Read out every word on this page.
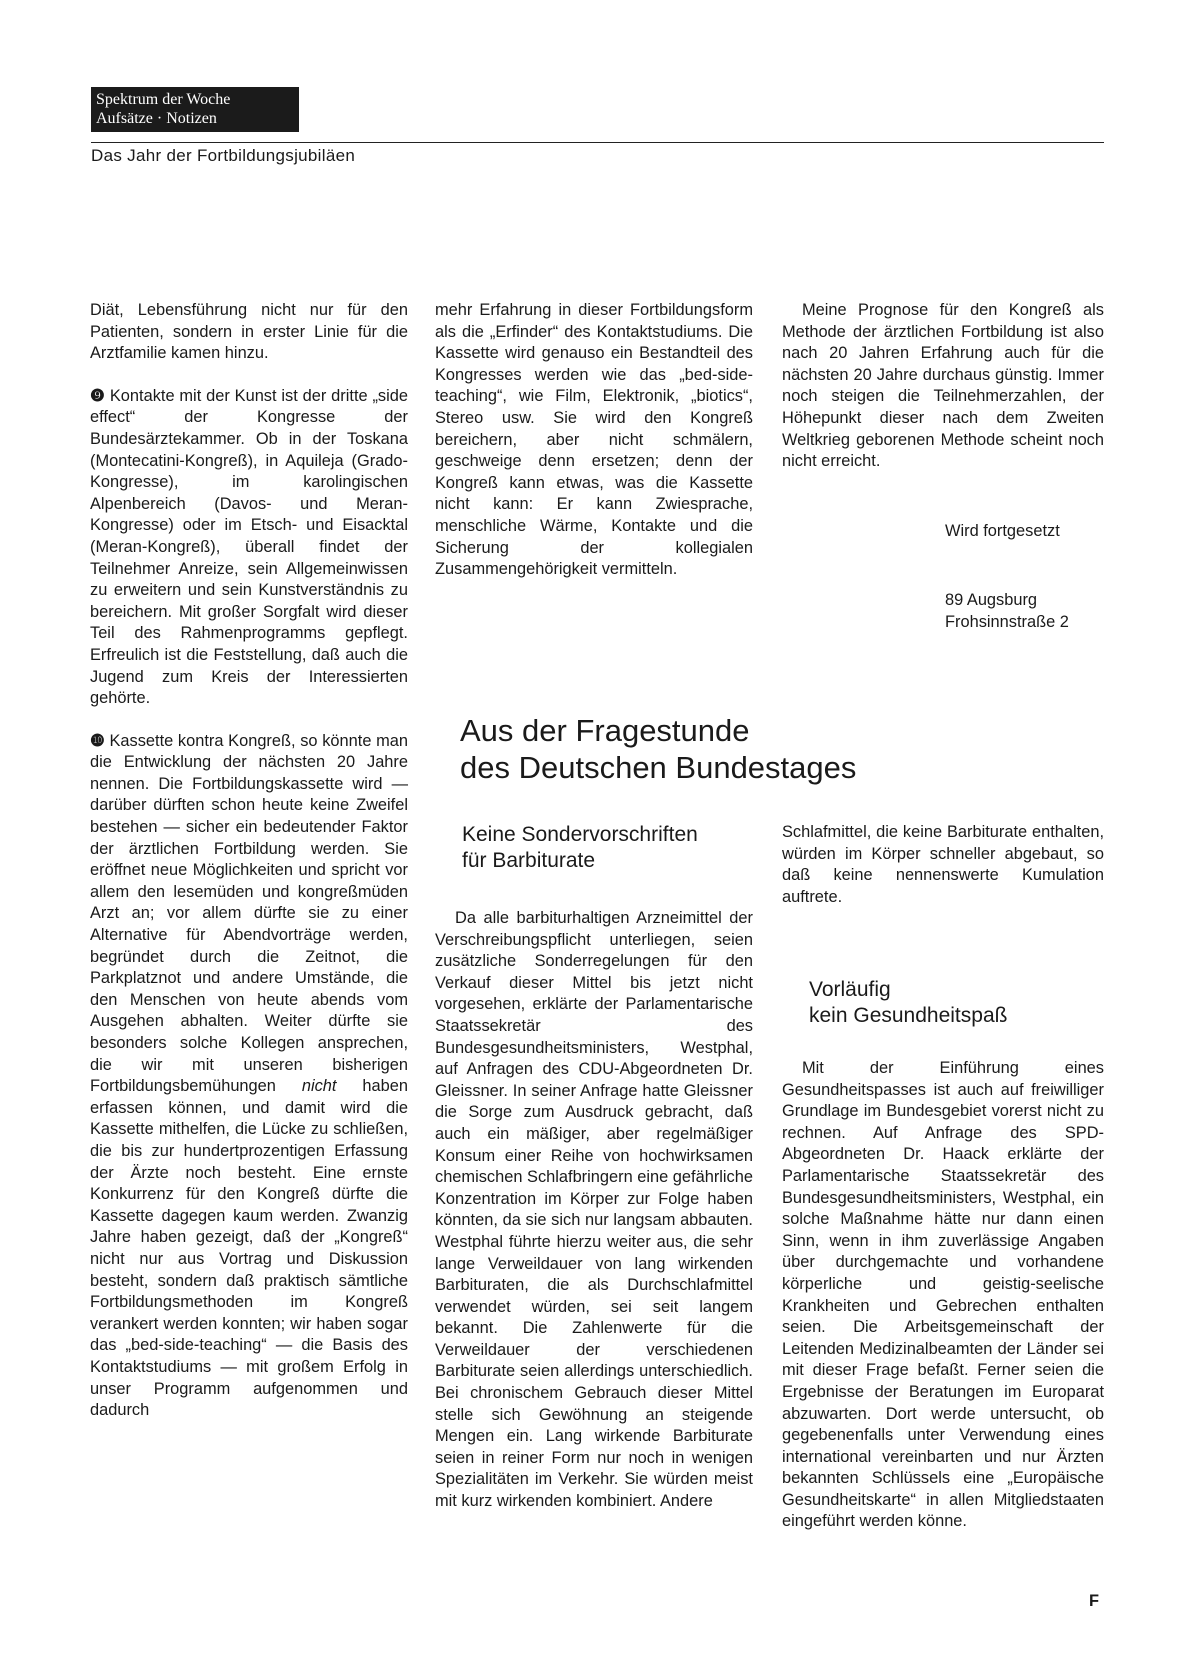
Spektrum der Woche
Aufsätze · Notizen
Das Jahr der Fortbildungsjubiläen

Diät, Lebensführung nicht nur für den Patienten, sondern in erster Linie für die Arztfamilie kamen hinzu.

❾ Kontakte mit der Kunst ist der dritte „side effect“ der Kongresse der Bundesärztekammer. Ob in der Toskana (Montecatini-Kongreß), in Aquileja (Grado-Kongresse), im karolingischen Alpenbereich (Davos- und Meran-Kongresse) oder im Etsch- und Eisacktal (Meran-Kongreß), überall findet der Teilnehmer Anreize, sein Allgemeinwissen zu erweitern und sein Kunstverständnis zu bereichern. Mit großer Sorgfalt wird dieser Teil des Rahmenprogramms gepflegt. Erfreulich ist die Feststellung, daß auch die Jugend zum Kreis der Interessierten gehörte.

❿ Kassette kontra Kongreß, so könnte man die Entwicklung der nächsten 20 Jahre nennen. Die Fortbildungskassette wird — darüber dürften schon heute keine Zweifel bestehen — sicher ein bedeutender Faktor der ärztlichen Fortbildung werden. Sie eröffnet neue Möglichkeiten und spricht vor allem den lesemüden und kongreßmüden Arzt an; vor allem dürfte sie zu einer Alternative für Abendvorträge werden, begründet durch die Zeitnot, die Parkplatznot und andere Umstände, die den Menschen von heute abends vom Ausgehen abhalten. Weiter dürfte sie besonders solche Kollegen ansprechen, die wir mit unseren bisherigen Fortbildungsbemühungen nicht haben erfassen können, und damit wird die Kassette mithelfen, die Lücke zu schließen, die bis zur hundertprozentigen Erfassung der Ärzte noch besteht. Eine ernste Konkurrenz für den Kongreß dürfte die Kassette dagegen kaum werden. Zwanzig Jahre haben gezeigt, daß der „Kongreß“ nicht nur aus Vortrag und Diskussion besteht, sondern daß praktisch sämtliche Fortbildungsmethoden im Kongreß verankert werden konnten; wir haben sogar das „bed-side-teaching“ — die Basis des Kontaktstudiums — mit großem Erfolg in unser Programm aufgenommen und dadurch

mehr Erfahrung in dieser Fortbildungsform als die „Erfinder“ des Kontaktstudiums. Die Kassette wird genauso ein Bestandteil des Kongresses werden wie das „bed-side-teaching“, wie Film, Elektronik, „biotics“, Stereo usw. Sie wird den Kongreß bereichern, aber nicht schmälern, geschweige denn ersetzen; denn der Kongreß kann etwas, was die Kassette nicht kann: Er kann Zwiesprache, menschliche Wärme, Kontakte und die Sicherung der kollegialen Zusammengehörigkeit vermitteln.

Meine Prognose für den Kongreß als Methode der ärztlichen Fortbildung ist also nach 20 Jahren Erfahrung auch für die nächsten 20 Jahre durchaus günstig. Immer noch steigen die Teilnehmerzahlen, der Höhepunkt dieser nach dem Zweiten Weltkrieg geborenen Methode scheint noch nicht erreicht.

Wird fortgesetzt
89 Augsburg
Frohsinnstraße 2
Aus der Fragestunde
des Deutschen Bundestages
Keine Sondervorschriften
für Barbiturate

Da alle barbiturhaltigen Arzneimittel der Verschreibungspflicht unterliegen, seien zusätzliche Sonderregelungen für den Verkauf dieser Mittel bis jetzt nicht vorgesehen, erklärte der Parlamentarische Staatssekretär des Bundesgesundheitsministers, Westphal, auf Anfragen des CDU-Abgeordneten Dr. Gleissner. In seiner Anfrage hatte Gleissner die Sorge zum Ausdruck gebracht, daß auch ein mäßiger, aber regelmäßiger Konsum einer Reihe von hochwirksamen chemischen Schlafbringern eine gefährliche Konzentration im Körper zur Folge haben könnten, da sie sich nur langsam abbauten. Westphal führte hierzu weiter aus, die sehr lange Verweildauer von lang wirkenden Barbituraten, die als Durchschlafmittel verwendet würden, sei seit langem bekannt. Die Zahlenwerte für die Verweildauer der verschiedenen Barbiturate seien allerdings unterschiedlich. Bei chronischem Gebrauch dieser Mittel stelle sich Gewöhnung an steigende Mengen ein. Lang wirkende Barbiturate seien in reiner Form nur noch in wenigen Spezialitäten im Verkehr. Sie würden meist mit kurz wirkenden kombiniert. Andere

Schlafmittel, die keine Barbiturate enthalten, würden im Körper schneller abgebaut, so daß keine nennenswerte Kumulation auftrete.

Vorläufig
kein Gesundheitspaß

Mit der Einführung eines Gesundheitspasses ist auch auf freiwilliger Grundlage im Bundesgebiet vorerst nicht zu rechnen. Auf Anfrage des SPD-Abgeordneten Dr. Haack erklärte der Parlamentarische Staatssekretär des Bundesgesundheitsministers, Westphal, ein solche Maßnahme hätte nur dann einen Sinn, wenn in ihm zuverlässige Angaben über durchgemachte und vorhandene körperliche und geistig-seelische Krankheiten und Gebrechen enthalten seien. Die Arbeitsgemeinschaft der Leitenden Medizinalbeamten der Länder sei mit dieser Frage befaßt. Ferner seien die Ergebnisse der Beratungen im Europarat abzuwarten. Dort werde untersucht, ob gegebenenfalls unter Verwendung eines international vereinbarten und nur Ärzten bekannten Schlüssels eine „Europäische Gesundheitskarte“ in allen Mitgliedstaaten eingeführt werden könne.

F
